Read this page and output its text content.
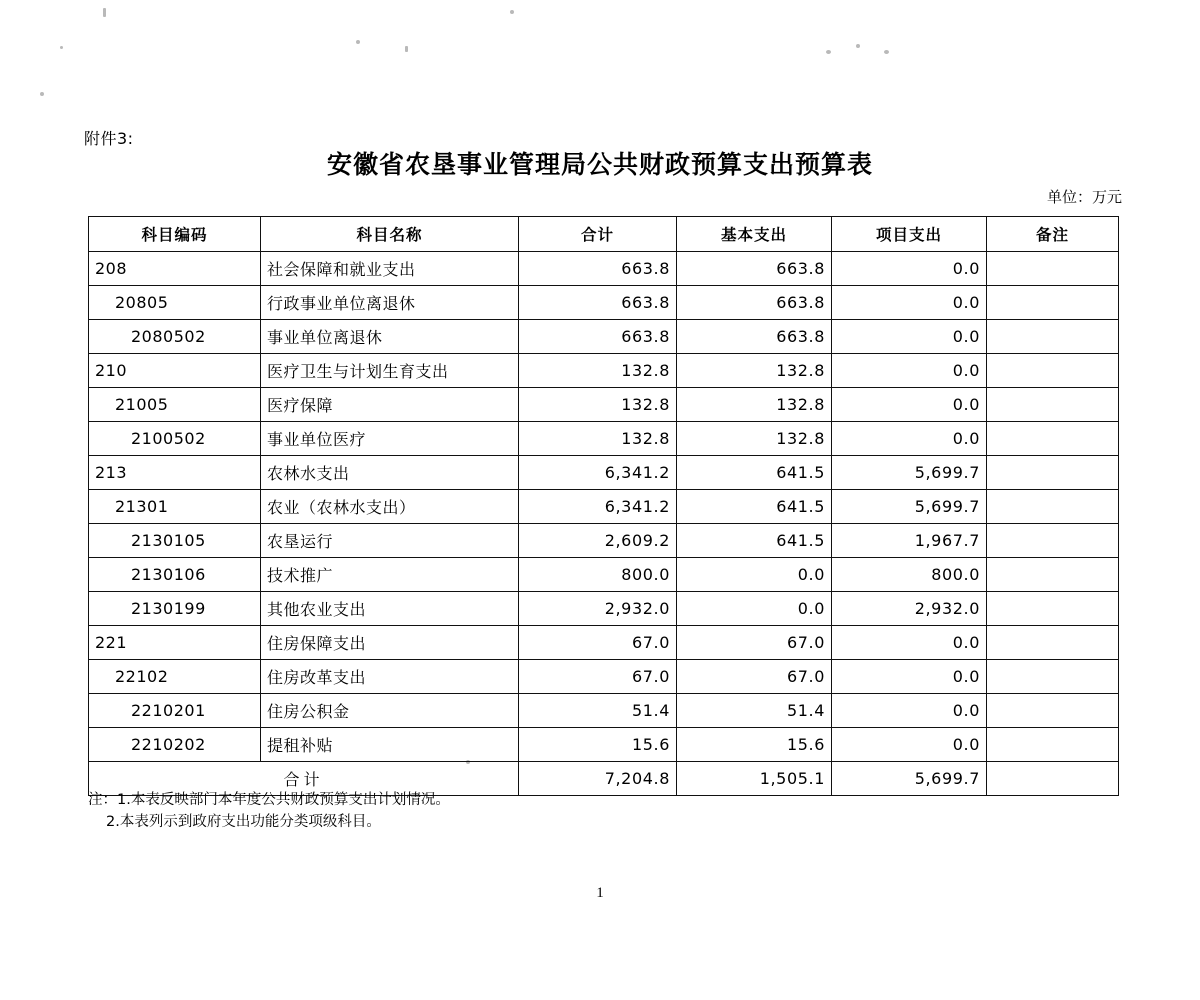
附件3:
安徽省农垦事业管理局公共财政预算支出预算表
单位：万元
科目编码	科目名称	合计	基本支出	项目支出	备注
208	社会保障和就业支出	663.8	663.8	0.0	
20805	行政事业单位离退休	663.8	663.8	0.0	
2080502	事业单位离退休	663.8	663.8	0.0	
210	医疗卫生与计划生育支出	132.8	132.8	0.0	
21005	医疗保障	132.8	132.8	0.0	
2100502	事业单位医疗	132.8	132.8	0.0	
213	农林水支出	6,341.2	641.5	5,699.7	
21301	农业（农林水支出）	6,341.2	641.5	5,699.7	
2130105	农垦运行	2,609.2	641.5	1,967.7	
2130106	技术推广	800.0	0.0	800.0	
2130199	其他农业支出	2,932.0	0.0	2,932.0	
221	住房保障支出	67.0	67.0	0.0	
22102	住房改革支出	67.0	67.0	0.0	
2210201	住房公积金	51.4	51.4	0.0	
2210202	提租补贴	15.6	15.6	0.0	
合计		7,204.8	1,505.1	5,699.7	
注：1.本表反映部门本年度公共财政预算支出计划情况。
2.本表列示到政府支出功能分类项级科目。
1
